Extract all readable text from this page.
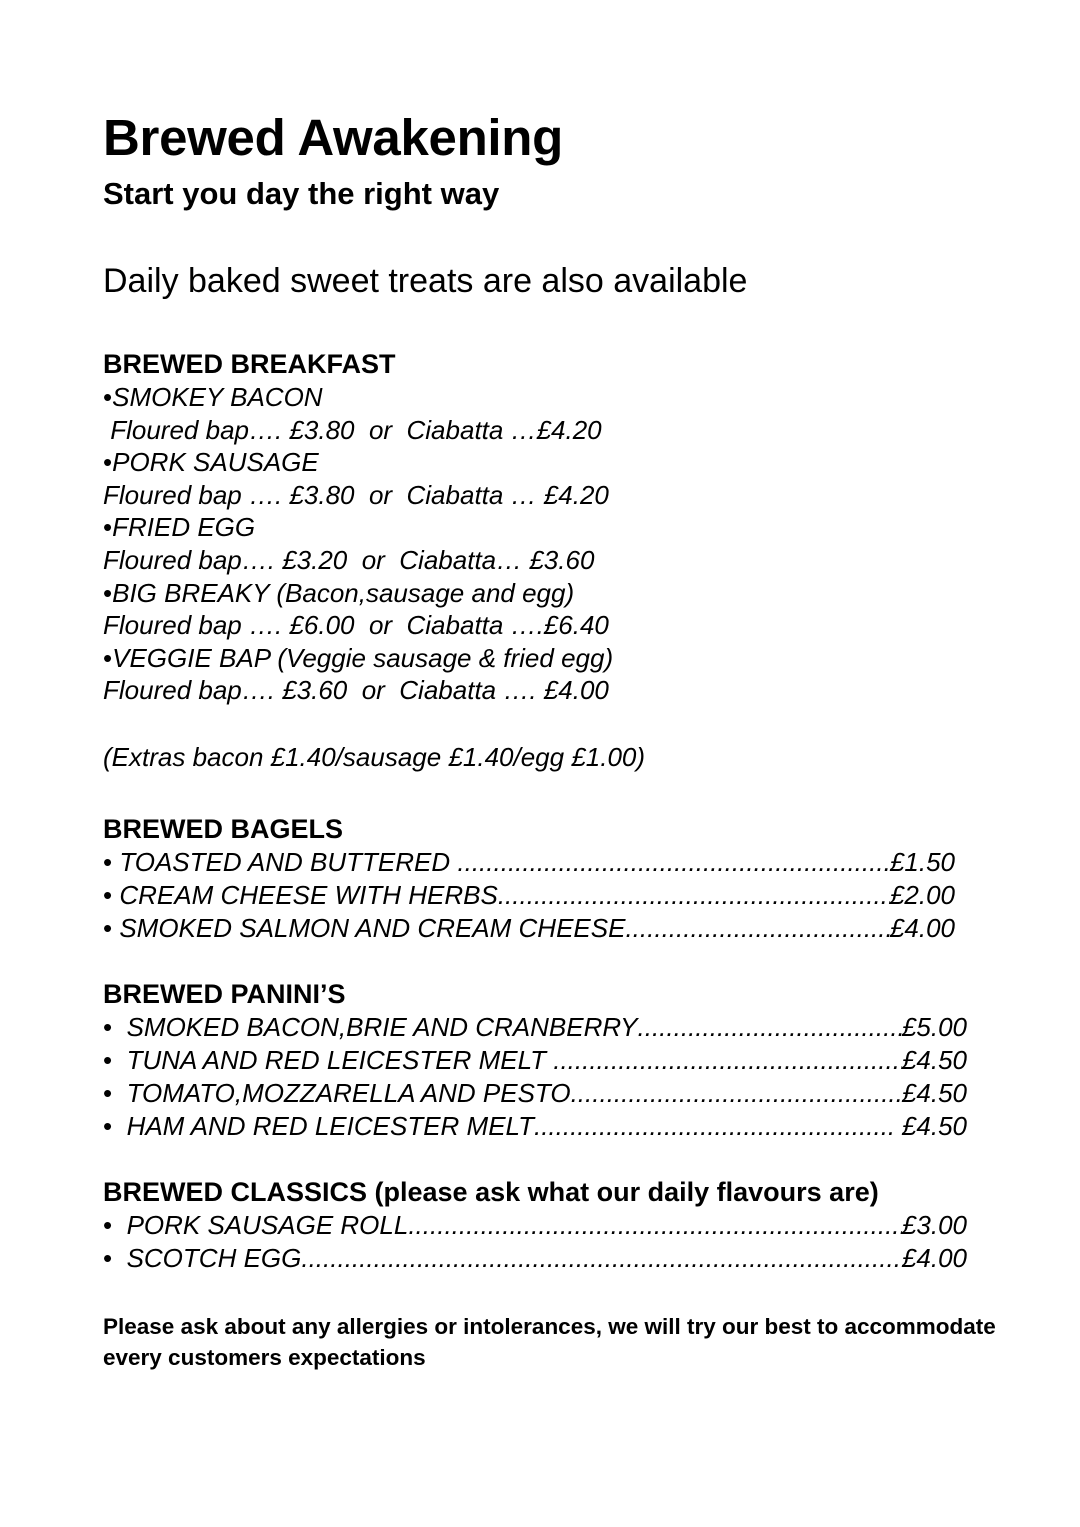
Brewed Awakening
Start you day the right way

Daily baked sweet treats are also available

BREWED BREAKFAST
•SMOKEY BACON
Floured bap…. £3.80  or  Ciabatta …£4.20
•PORK SAUSAGE
Floured bap …. £3.80  or  Ciabatta … £4.20
•FRIED EGG
Floured bap…. £3.20  or  Ciabatta… £3.60
•BIG BREAKY (Bacon,sausage and egg)
Floured bap …. £6.00  or  Ciabatta ….£6.40
•VEGGIE BAP (Veggie sausage & fried egg)
Floured bap…. £3.60  or  Ciabatta …. £4.00
(Extras bacon £1.40/sausage £1.40/egg £1.00)
BREWED BAGELS
• TOASTED AND BUTTERED .....	£1.50
• CREAM CHEESE WITH HERBS .....	£2.00
• SMOKED SALMON AND CREAM CHEESE .....	£4.00
BREWED PANINI’S
• SMOKED BACON,BRIE AND CRANBERRY .....	£5.00
• TUNA AND RED LEICESTER MELT .....	£4.50
• TOMATO,MOZZARELLA AND PESTO .....	£4.50
• HAM AND RED LEICESTER MELT .....	£4.50
BREWED CLASSICS (please ask what our daily flavours are)
• PORK SAUSAGE ROLL .....	£3.00
• SCOTCH EGG .....	£4.00

Please ask about any allergies or intolerances, we will try our best to accommodate every customers expectations
